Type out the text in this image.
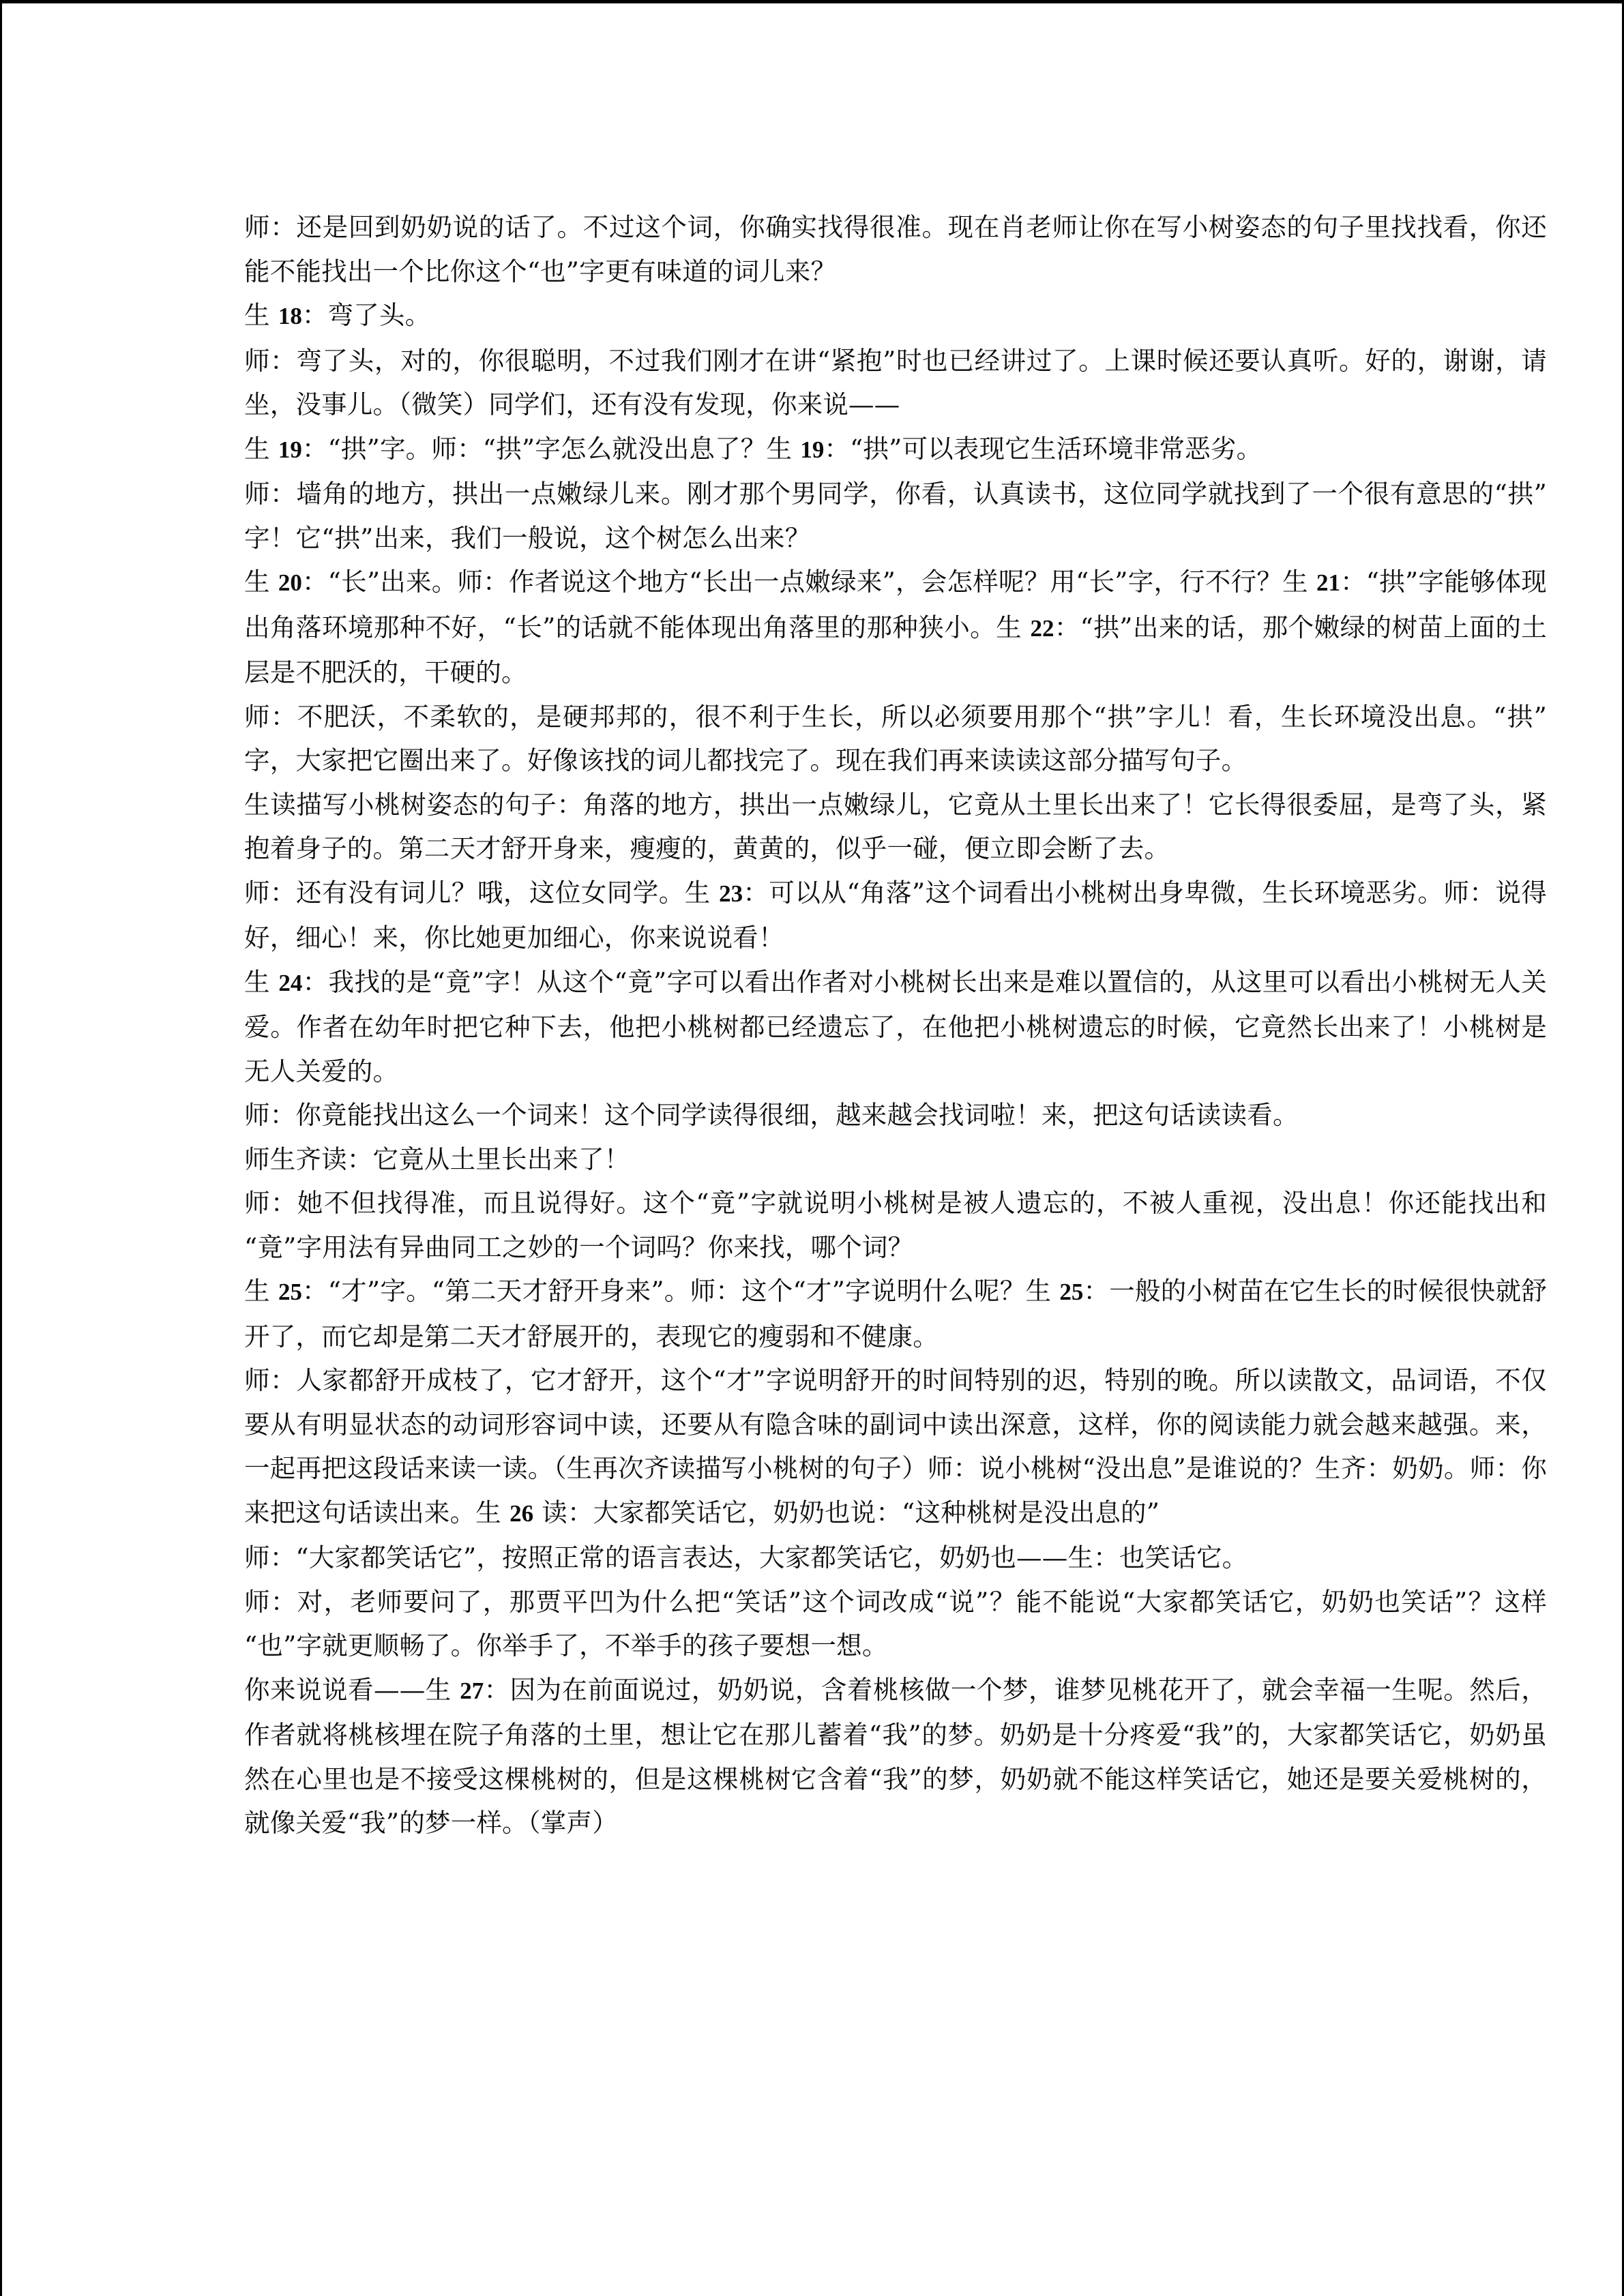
师：还是回到奶奶说的话了。不过这个词，你确实找得很准。现在肖老师让你在写小树姿态的句子里找找看，你还能不能找出一个比你这个“也”字更有味道的词儿来？

生 18：弯了头。

师：弯了头，对的，你很聪明，不过我们刚才在讲“紧抱”时也已经讲过了。上课时候还要认真听。好的，谢谢，请坐，没事儿。（微笑）同学们，还有没有发现，你来说——

生 19：“拱”字。师：“拱”字怎么就没出息了？生 19：“拱”可以表现它生活环境非常恶劣。

师：墙角的地方，拱出一点嫩绿儿来。刚才那个男同学，你看，认真读书，这位同学就找到了一个很有意思的“拱”字！它“拱”出来，我们一般说，这个树怎么出来？

生 20：“长”出来。师：作者说这个地方“长出一点嫩绿来”，会怎样呢？用“长”字，行不行？生 21：“拱”字能够体现出角落环境那种不好，“长”的话就不能体现出角落里的那种狭小。生 22：“拱”出来的话，那个嫩绿的树苗上面的土层是不肥沃的，干硬的。

师：不肥沃，不柔软的，是硬邦邦的，很不利于生长，所以必须要用那个“拱”字儿！看，生长环境没出息。“拱”字，大家把它圈出来了。好像该找的词儿都找完了。现在我们再来读读这部分描写句子。

生读描写小桃树姿态的句子：角落的地方，拱出一点嫩绿儿，它竟从土里长出来了！它长得很委屈，是弯了头，紧抱着身子的。第二天才舒开身来，瘦瘦的，黄黄的，似乎一碰，便立即会断了去。

师：还有没有词儿？哦，这位女同学。生 23：可以从“角落”这个词看出小桃树出身卑微，生长环境恶劣。师：说得好，细心！来，你比她更加细心，你来说说看！

生 24：我找的是“竟”字！从这个“竟”字可以看出作者对小桃树长出来是难以置信的，从这里可以看出小桃树无人关爱。作者在幼年时把它种下去，他把小桃树都已经遗忘了，在他把小桃树遗忘的时候，它竟然长出来了！小桃树是无人关爱的。

师：你竟能找出这么一个词来！这个同学读得很细，越来越会找词啦！来，把这句话读读看。

师生齐读：它竟从土里长出来了！

师：她不但找得准，而且说得好。这个“竟”字就说明小桃树是被人遗忘的，不被人重视，没出息！你还能找出和“竟”字用法有异曲同工之妙的一个词吗？你来找，哪个词？

生 25：“才”字。“第二天才舒开身来”。师：这个“才”字说明什么呢？生 25：一般的小树苗在它生长的时候很快就舒开了，而它却是第二天才舒展开的，表现它的瘦弱和不健康。

师：人家都舒开成枝了，它才舒开，这个“才”字说明舒开的时间特别的迟，特别的晚。所以读散文，品词语，不仅要从有明显状态的动词形容词中读，还要从有隐含味的副词中读出深意，这样，你的阅读能力就会越来越强。来，一起再把这段话来读一读。（生再次齐读描写小桃树的句子）师：说小桃树“没出息”是谁说的？生齐：奶奶。师：你来把这句话读出来。生 26 读：大家都笑话它，奶奶也说：“这种桃树是没出息的”

师：“大家都笑话它”，按照正常的语言表达，大家都笑话它，奶奶也——生：也笑话它。

师：对，老师要问了，那贾平凹为什么把“笑话”这个词改成“说”？能不能说“大家都笑话它，奶奶也笑话”？这样“也”字就更顺畅了。你举手了，不举手的孩子要想一想。

你来说说看——生 27：因为在前面说过，奶奶说，含着桃核做一个梦，谁梦见桃花开了，就会幸福一生呢。然后，作者就将桃核埋在院子角落的土里，想让它在那儿蓄着“我”的梦。奶奶是十分疼爱“我”的，大家都笑话它，奶奶虽然在心里也是不接受这棵桃树的，但是这棵桃树它含着“我”的梦，奶奶就不能这样笑话它，她还是要关爱桃树的，就像关爱“我”的梦一样。（掌声）
